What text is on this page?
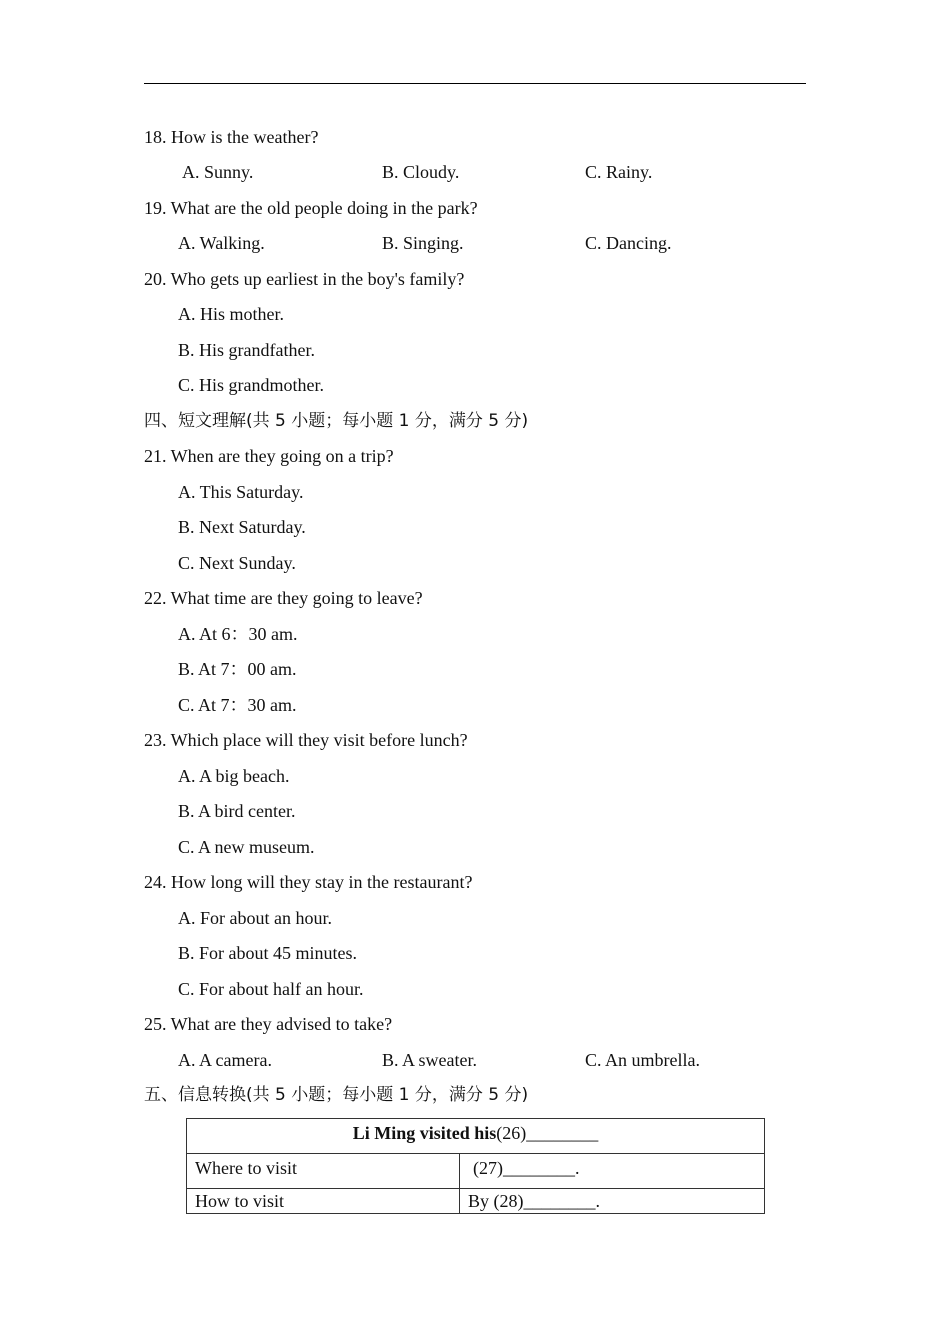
18. How is the weather?
A. Sunny.	B. Cloudy.	C. Rainy.
19. What are the old people doing in the park?
A. Walking.	B. Singing.	C. Dancing.
20. Who gets up earliest in the boy's family?
A. His mother.
B. His grandfather.
C. His grandmother.
四、短文理解(共 5 小题；每小题 1 分，满分 5 分)
21. When are they going on a trip?
A. This Saturday.
B. Next Saturday.
C. Next Sunday.
22. What time are they going to leave?
A. At 6：30 am.
B. At 7：00 am.
C. At 7：30 am.
23. Which place will they visit before lunch?
A. A big beach.
B. A bird center.
C. A new museum.
24. How long will they stay in the restaurant?
A. For about an hour.
B. For about 45 minutes.
C. For about half an hour.
25. What are they advised to take?
A. A camera.	B. A sweater.	C. An umbrella.
五、信息转换(共 5 小题；每小题 1 分，满分 5 分)
Li Ming visited his(26)________	
Where to visit	(27)________.
How to visit	By (28)________.
